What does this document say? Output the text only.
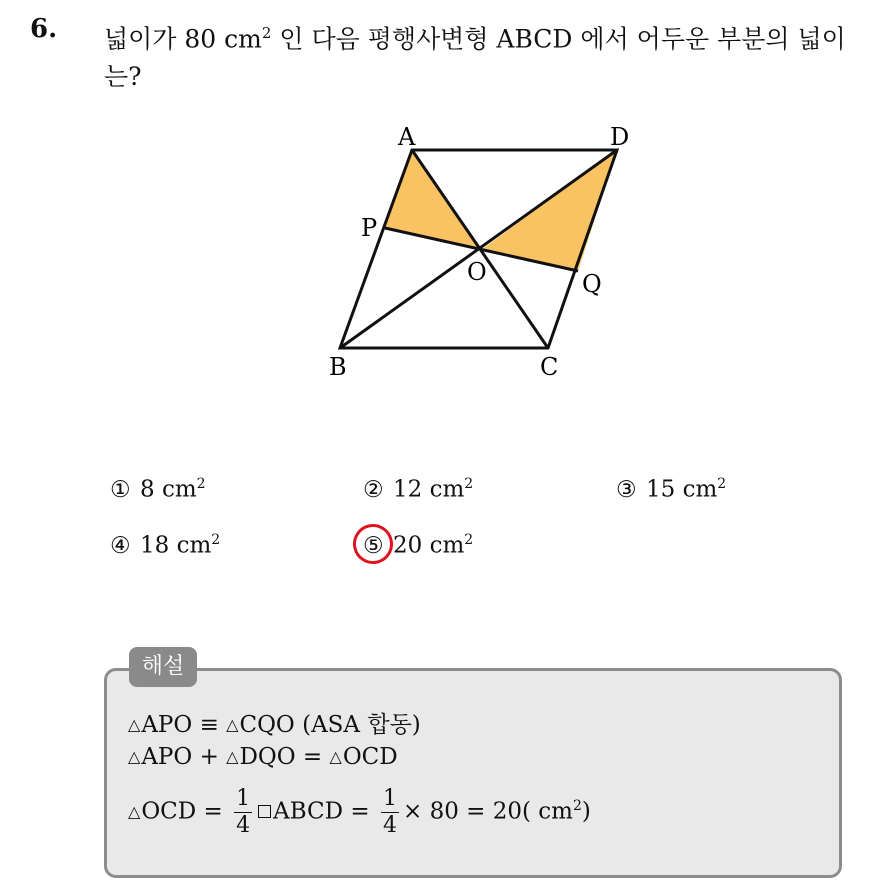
6. 넓이가 80 $cm^2$ 인 다음 평행사변형 ABCD 에서 어두운 부분의 넓이
는?
A	D
P
O	Q
B	C
① 8 $cm^2$	② 12 $cm^2$	③ 15 $cm^2$
④ 18 $cm^2$	⑤ 20 $cm^2$
해설
△APO ≡ △CQO (ASA 합동)
△APO + △DQO = △OCD
△OCD = $\frac{1}{4}$ ABCD = $\frac{1}{4} \times 80 = 20$( $cm^2$)
